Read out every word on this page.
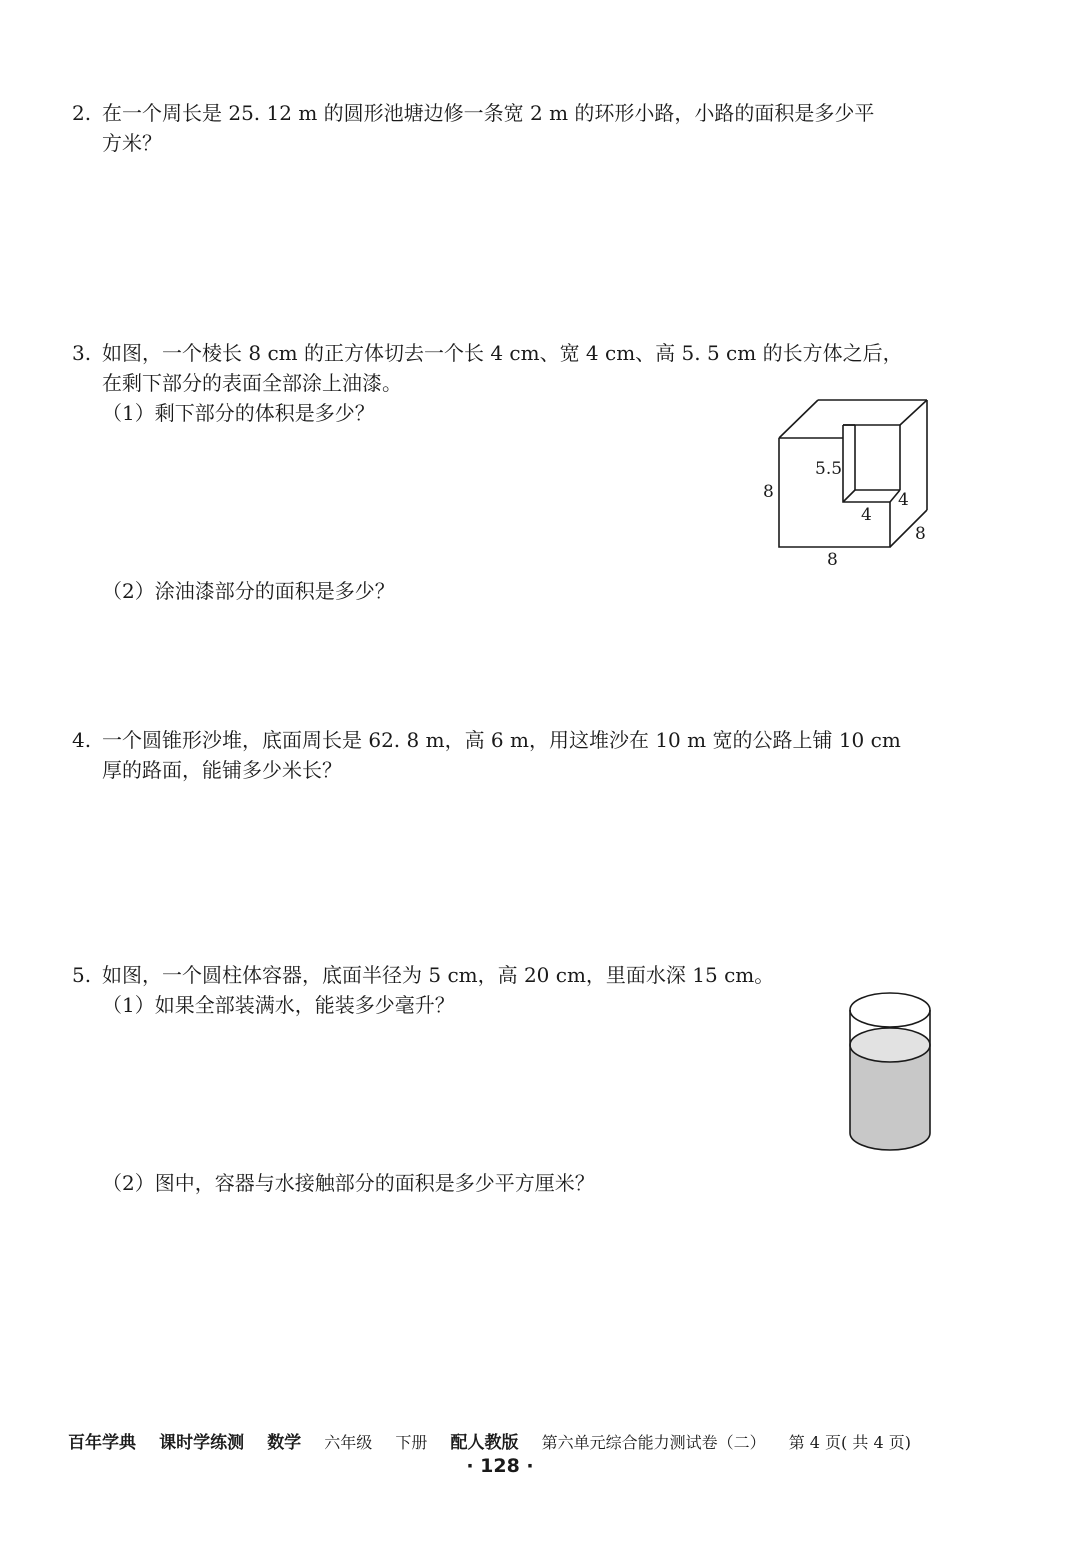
2. 在一个周长是 25. 12 m 的圆形池塘边修一条宽 2 m 的环形小路，小路的面积是多少平
方米？
3. 如图，一个棱长 8 cm 的正方体切去一个长 4 cm、宽 4 cm、高 5. 5 cm 的长方体之后，
在剩下部分的表面全部涂上油漆。
（1）剩下部分的体积是多少？
（2）涂油漆部分的面积是多少？
5.5
8
4
4
8
8
4. 一个圆锥形沙堆，底面周长是 62. 8 m，高 6 m，用这堆沙在 10 m 宽的公路上铺 10 cm
厚的路面，能铺多少米长？
5. 如图，一个圆柱体容器，底面半径为 5 cm，高 20 cm，里面水深 15 cm。
（1）如果全部装满水，能装多少毫升？
（2）图中，容器与水接触部分的面积是多少平方厘米？
百年学典 课时学练测 数学 六年级 下册 配人教版 第六单元综合能力测试卷（二） 第 4 页( 共 4 页)
· 128 ·
